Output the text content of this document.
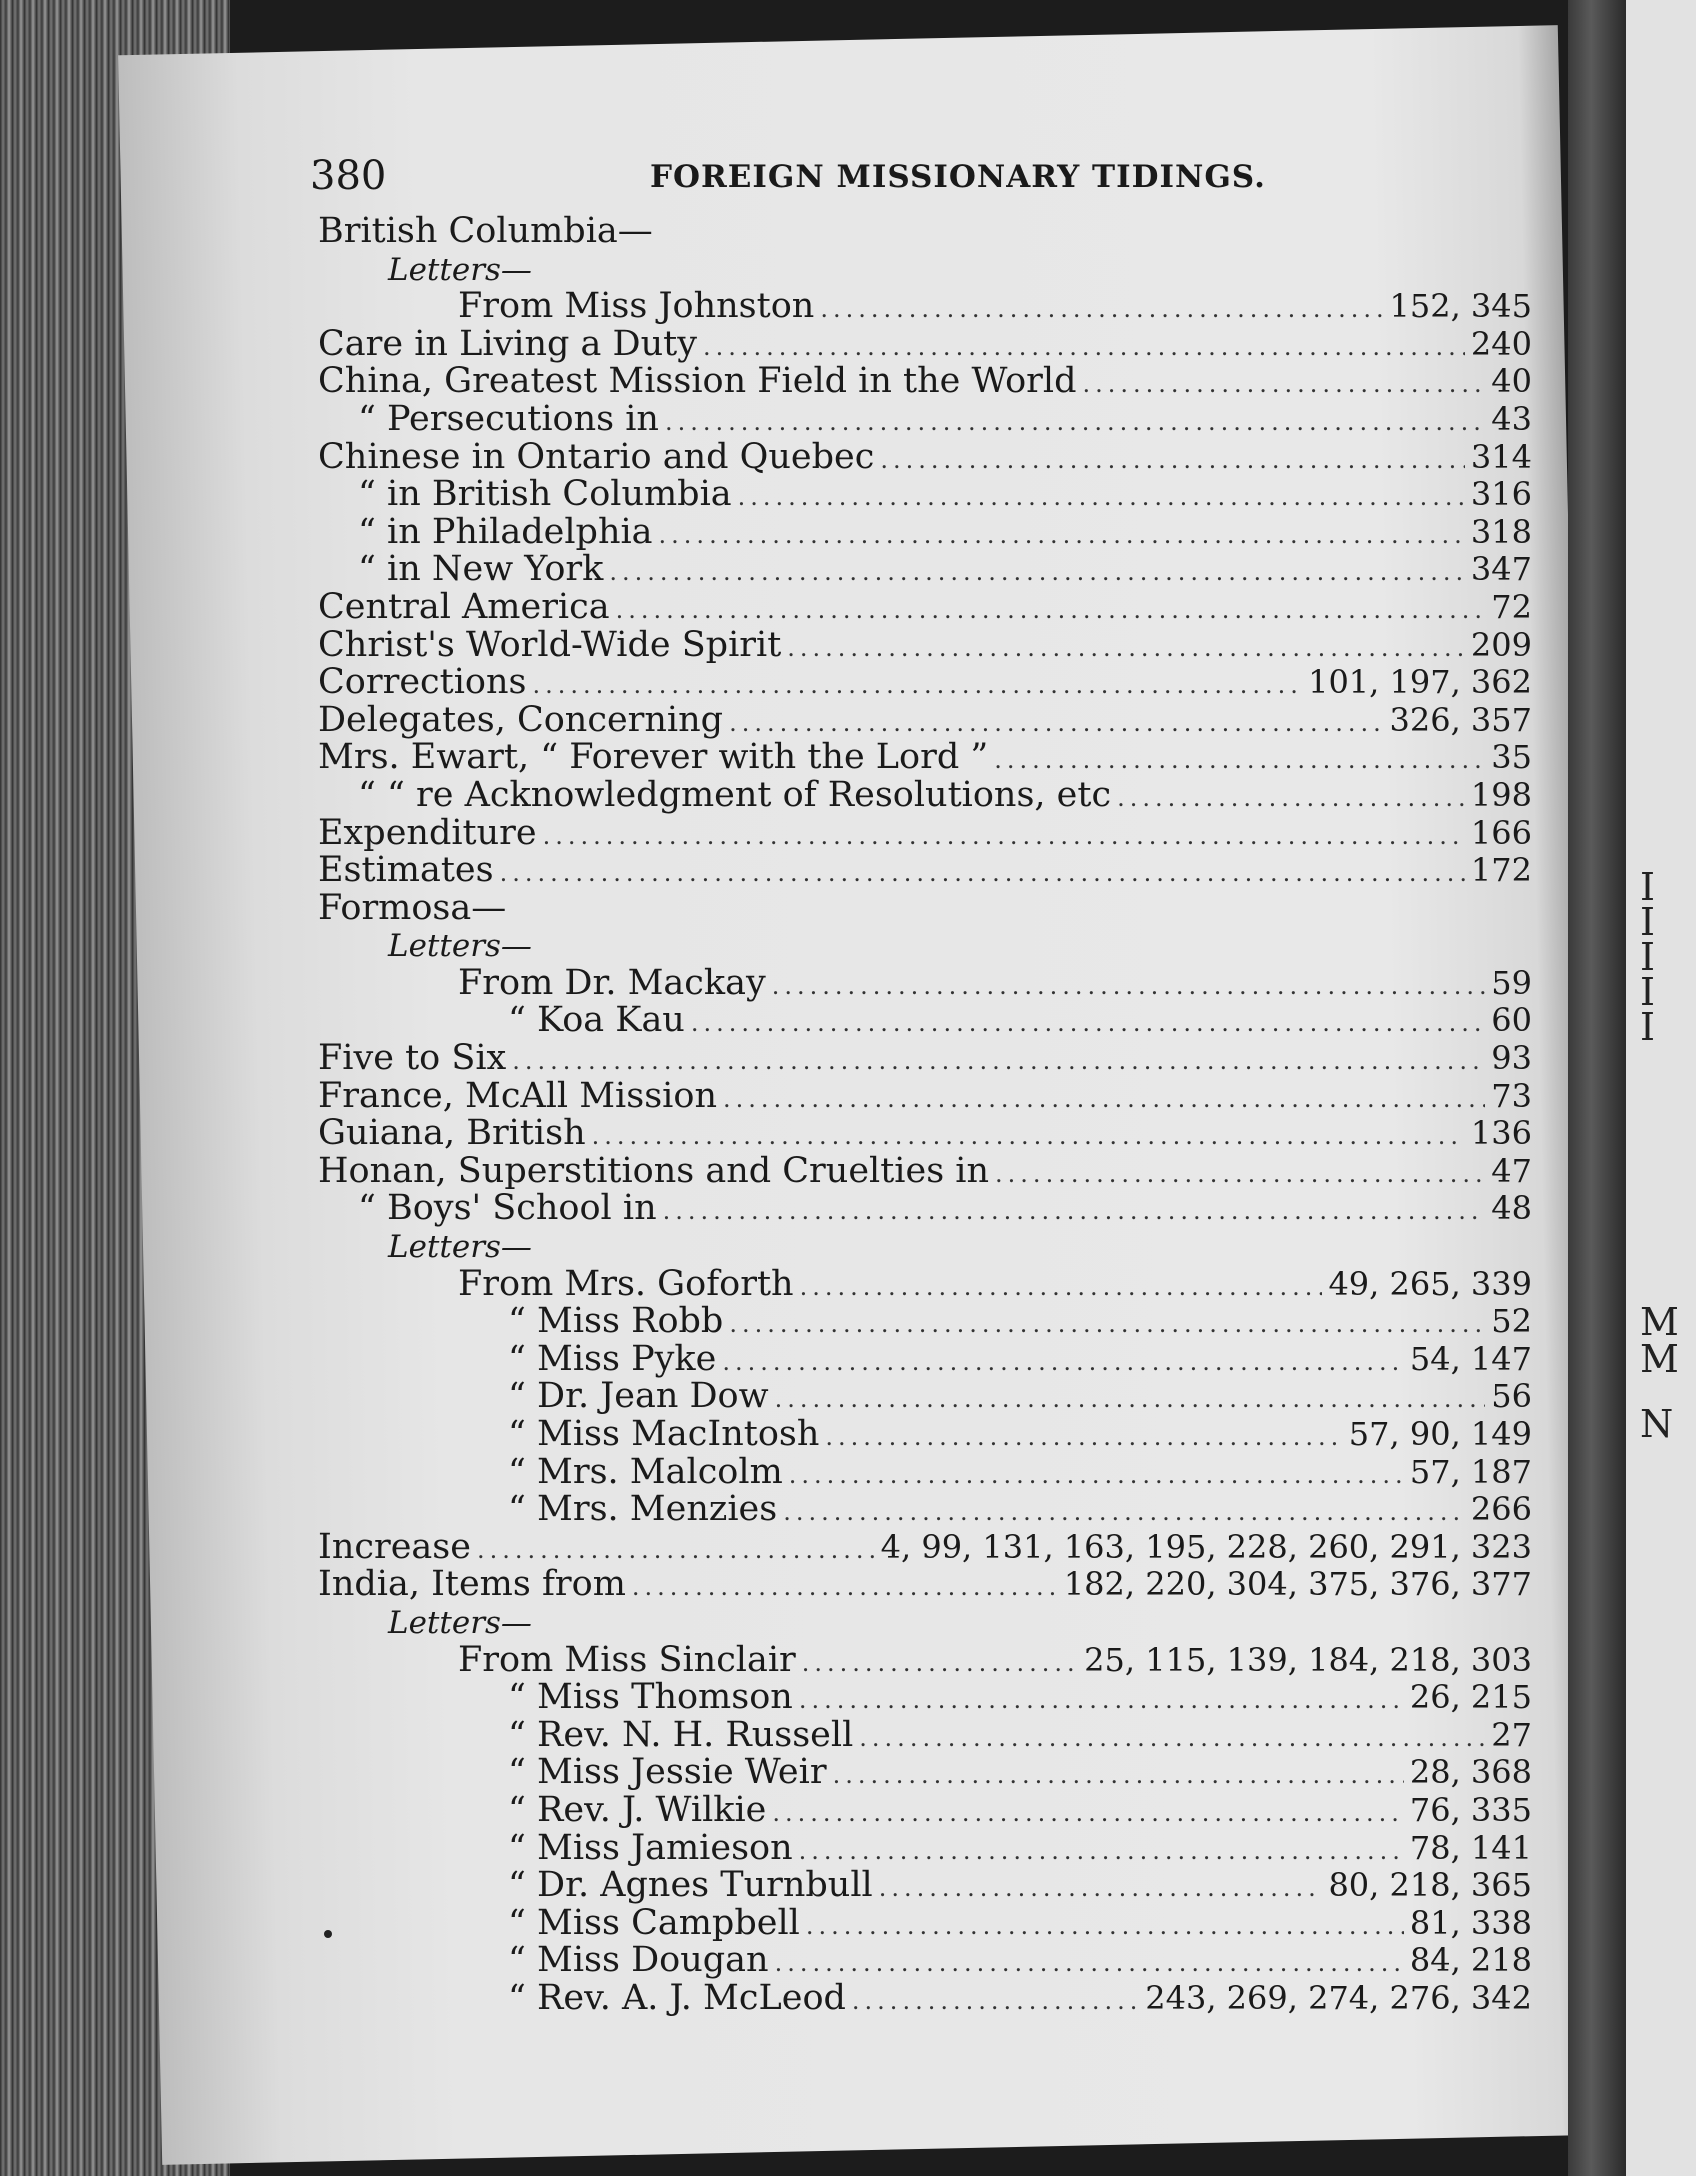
I
I
I
I
I
M
M
N
380	FOREIGN MISSIONARY TIDINGS.
British Columbia—
Letters—
From Miss Johnston .....	152, 345
Care in Living a Duty .....	240
China, Greatest Mission Field in the World .....	40
“ Persecutions in .....	43
Chinese in Ontario and Quebec .....	314
“ in British Columbia .....	316
“ in Philadelphia .....	318
“ in New York .....	347
Central America .....	72
Christ's World-Wide Spirit .....	209
Corrections .....	101, 197, 362
Delegates, Concerning .....	326, 357
Mrs. Ewart, “ Forever with the Lord ” .....	35
“ “ re Acknowledgment of Resolutions, etc .....	198
Expenditure .....	166
Estimates .....	172
Formosa—
Letters—
From Dr. Mackay .....	59
“ Koa Kau .....	60
Five to Six .....	93
France, McAll Mission .....	73
Guiana, British .....	136
Honan, Superstitions and Cruelties in .....	47
“ Boys' School in .....	48
Letters—
From Mrs. Goforth .....	49, 265, 339
“ Miss Robb .....	52
“ Miss Pyke .....	54, 147
“ Dr. Jean Dow .....	56
“ Miss MacIntosh .....	57, 90, 149
“ Mrs. Malcolm .....	57, 187
“ Mrs. Menzies .....	266
Increase .....	4, 99, 131, 163, 195, 228, 260, 291, 323
India, Items from .....	182, 220, 304, 375, 376, 377
Letters—
From Miss Sinclair .....	25, 115, 139, 184, 218, 303
“ Miss Thomson .....	26, 215
“ Rev. N. H. Russell .....	27
“ Miss Jessie Weir .....	28, 368
“ Rev. J. Wilkie .....	76, 335
“ Miss Jamieson .....	78, 141
“ Dr. Agnes Turnbull .....	80, 218, 365
“ Miss Campbell .....	81, 338
“ Miss Dougan .....	84, 218
“ Rev. A. J. McLeod .....	243, 269, 274, 276, 342
